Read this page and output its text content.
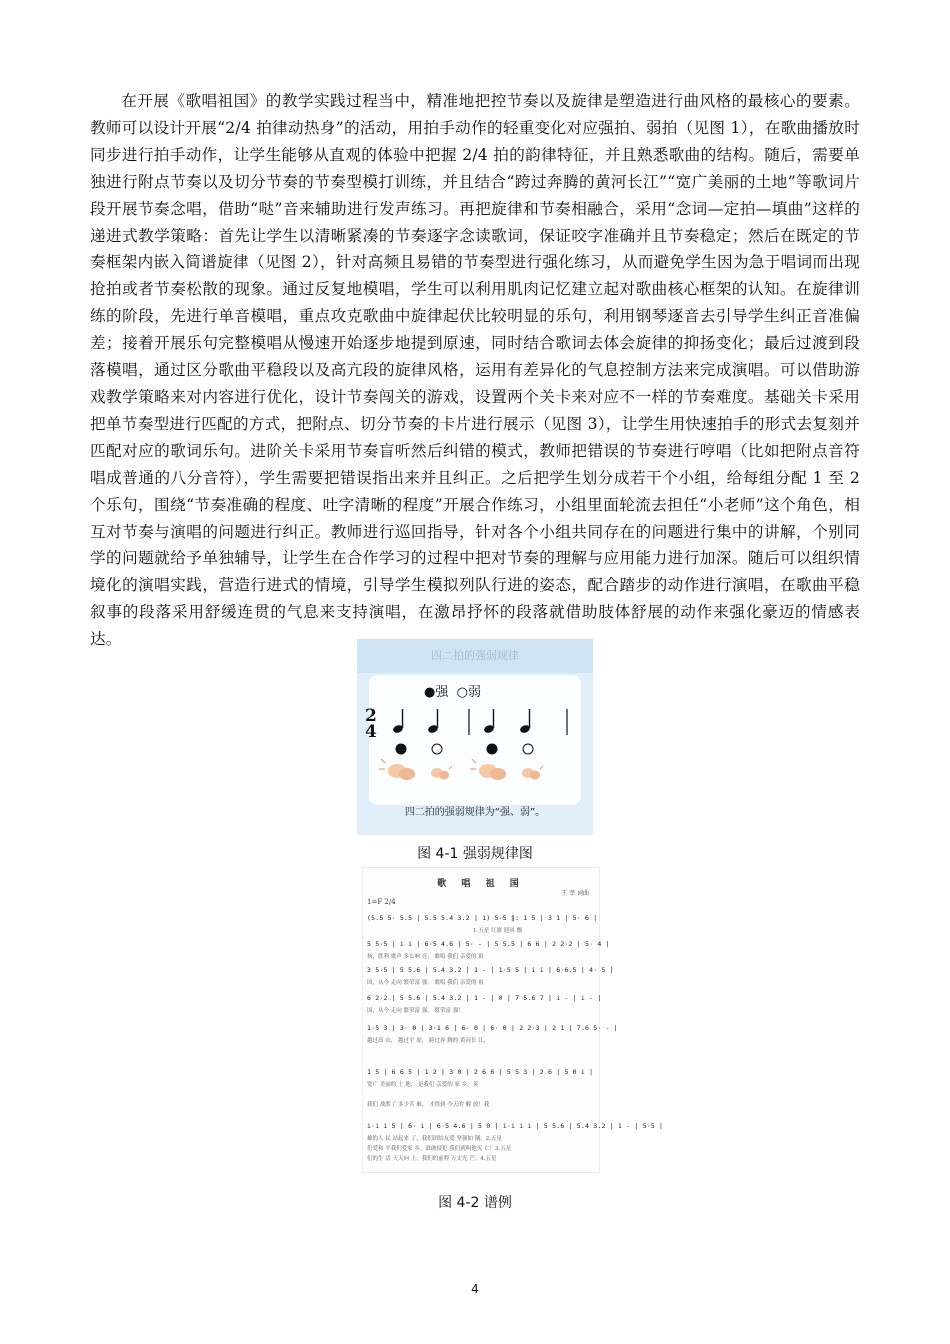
在开展《歌唱祖国》的教学实践过程当中，精准地把控节奏以及旋律是塑造进行曲风格的最核心的要素。教师可以设计开展“2/4 拍律动热身”的活动，用拍手动作的轻重变化对应强拍、弱拍（见图 1），在歌曲播放时同步进行拍手动作，让学生能够从直观的体验中把握 2/4 拍的韵律特征，并且熟悉歌曲的结构。随后，需要单独进行附点节奏以及切分节奏的节奏型模打训练，并且结合“跨过奔腾的黄河长江”“宽广美丽的土地”等歌词片段开展节奏念唱，借助“哒”音来辅助进行发声练习。再把旋律和节奏相融合，采用“念词—定拍—填曲”这样的递进式教学策略：首先让学生以清晰紧凑的节奏逐字念读歌词，保证咬字准确并且节奏稳定；然后在既定的节奏框架内嵌入简谱旋律（见图 2），针对高频且易错的节奏型进行强化练习，从而避免学生因为急于唱词而出现抢拍或者节奏松散的现象。通过反复地模唱，学生可以利用肌肉记忆建立起对歌曲核心框架的认知。在旋律训练的阶段，先进行单音模唱，重点攻克歌曲中旋律起伏比较明显的乐句，利用钢琴逐音去引导学生纠正音准偏差；接着开展乐句完整模唱从慢速开始逐步地提到原速，同时结合歌词去体会旋律的抑扬变化；最后过渡到段落模唱，通过区分歌曲平稳段以及高亢段的旋律风格，运用有差异化的气息控制方法来完成演唱。可以借助游戏教学策略来对内容进行优化，设计节奏闯关的游戏，设置两个关卡来对应不一样的节奏难度。基础关卡采用把单节奏型进行匹配的方式，把附点、切分节奏的卡片进行展示（见图 3），让学生用快速拍手的形式去复刻并匹配对应的歌词乐句。进阶关卡采用节奏盲听然后纠错的模式，教师把错误的节奏进行哼唱（比如把附点音符唱成普通的八分音符），学生需要把错误指出来并且纠正。之后把学生划分成若干个小组，给每组分配 1 至 2 个乐句，围绕“节奏准确的程度、吐字清晰的程度”开展合作练习，小组里面轮流去担任“小老师”这个角色，相互对节奏与演唱的问题进行纠正。教师进行巡回指导，针对各个小组共同存在的问题进行集中的讲解，个别同学的问题就给予单独辅导，让学生在合作学习的过程中把对节奏的理解与应用能力进行加深。随后可以组织情境化的演唱实践，营造行进式的情境，引导学生模拟列队行进的姿态，配合踏步的动作进行演唱，在歌曲平稳叙事的段落采用舒缓连贯的气息来支持演唱，在激昂抒怀的段落就借助肢体舒展的动作来强化豪迈的情感表达。

四二拍的强弱规律
●强 ○弱
2
4
四二拍的强弱规律为“强、弱”。
图 4-1 强弱规律图
歌 唱 祖 国
王 莘 词曲
1=F 2/4
(5.5 5· 5.5 | 5.5 5.4 3.2 | 1) 5·5 ‖: 1 5 | 3 1 | 5· 6 |
1.五星 红旗 迎风 飘
5 5·5 | i i | 6·5 4.6 | 5· - | 5 5.5 | 6 6 | 2 2·2 | 5· 4 |
扬，胜利 歌声 多么响 亮； 歌唱 我们 亲爱的 祖
3 5·5 | 5 5.6 | 5.4 3.2 | 1 - | 1·5 5 | i i | 6·6.5 | 4· 5 |
国，从今 走向 繁荣富 强。 歌唱 我们 亲爱的 祖
6 2·2 | 5 5.6 | 5.4 3.2 | 1 - | 0 | 7 5.6 7 | i - | i - |
国，从今 走向 繁荣富 强。 繁荣富 强！
1·5 3 | 3· 0 | 3·1 6 | 6· 0 | 6· 0 | 2 2·3 | 2 1 | 7.6 5· - |
越过高 山， 越过平 原， 跨过奔 腾的 黄河长 江，
1 5 | 6 6 5 | 1 2 | 3 0 | 2 6 6 | 5 5 3 | 2 6 | 5 0 i |
宽广 美丽的 土 地， 是我们 亲爱的 家 乡。英
我们 战胜了 多少苦 难， 才得到 今天的 解 放！我
i·i i 5 | 6· i | 6·5 4.6 | 5 0 | i·i i i | 5 5.6 | 5.4 3.2 | 1 - | 5·5 |
雄的人 民 站起来 了，我们团结友爱 坚强如 钢。2.五星
们爱和 平我们爱家 乡，谁敢侵犯 我们就叫他灭 亡！3.五星
们的生 活 天天向 上，我们的前程 万丈光 芒。4.五星
图 4-2 谱例
4
